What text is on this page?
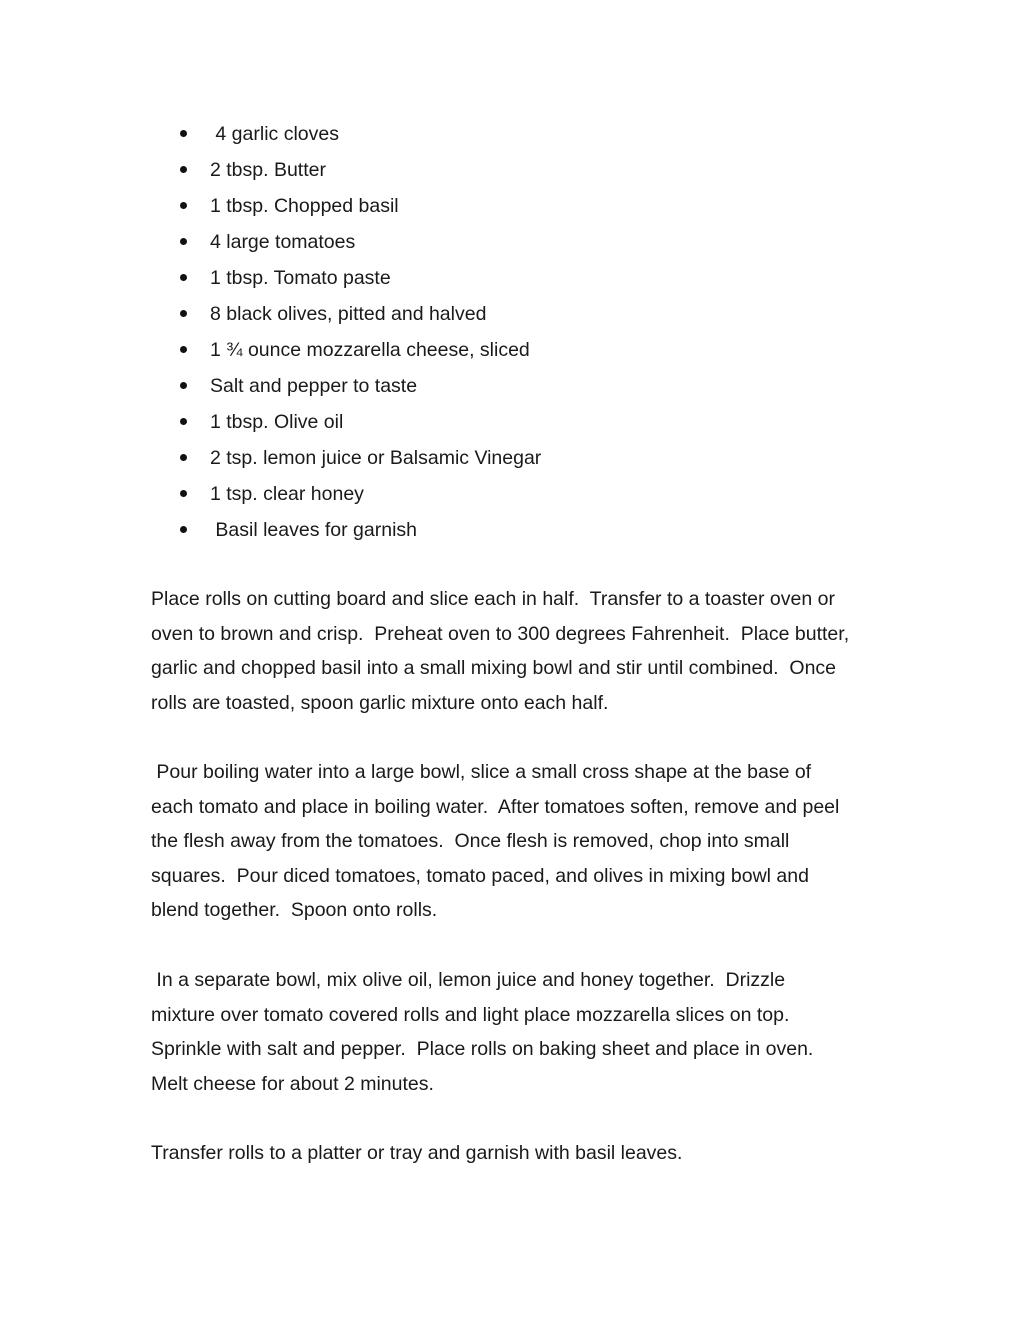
4 garlic cloves

2 tbsp. Butter

1 tbsp. Chopped basil

4 large tomatoes

1 tbsp. Tomato paste

8 black olives, pitted and halved

1 ¾ ounce mozzarella cheese, sliced

Salt and pepper to taste

1 tbsp. Olive oil

2 tsp. lemon juice or Balsamic Vinegar

1 tsp. clear honey

Basil leaves for garnish

Place rolls on cutting board and slice each in half.  Transfer to a toaster oven or
oven to brown and crisp.  Preheat oven to 300 degrees Fahrenheit.  Place butter,
garlic and chopped basil into a small mixing bowl and stir until combined.  Once
rolls are toasted, spoon garlic mixture onto each half.

Pour boiling water into a large bowl, slice a small cross shape at the base of
each tomato and place in boiling water.  After tomatoes soften, remove and peel
the flesh away from the tomatoes.  Once flesh is removed, chop into small
squares.  Pour diced tomatoes, tomato paced, and olives in mixing bowl and
blend together.  Spoon onto rolls.

In a separate bowl, mix olive oil, lemon juice and honey together.  Drizzle
mixture over tomato covered rolls and light place mozzarella slices on top.
Sprinkle with salt and pepper.  Place rolls on baking sheet and place in oven.
Melt cheese for about 2 minutes.

Transfer rolls to a platter or tray and garnish with basil leaves.
